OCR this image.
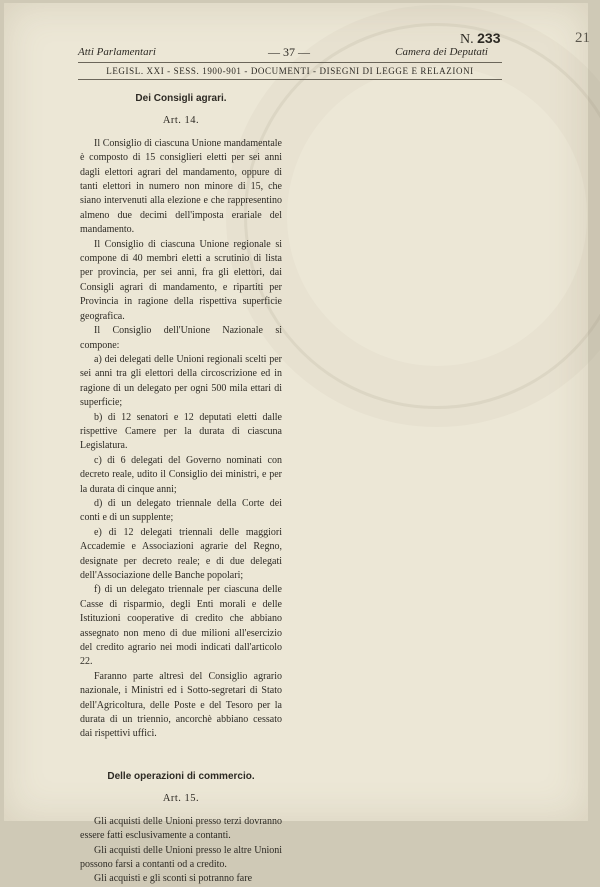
21
N. 233
Atti Parlamentari	— 37 —	Camera dei Deputati
LEGISL. XXI - SESS. 1900-901 - DOCUMENTI - DISEGNI DI LEGGE E RELAZIONI
Dei Consigli agrari.
Art. 14.

Il Consiglio di ciascuna Unione mandamentale è composto di 15 consiglieri eletti per sei anni dagli elettori agrari del mandamento, oppure di tanti elettori in numero non minore di 15, che siano intervenuti alla elezione e che rappresentino almeno due decimi dell'imposta erariale del mandamento.

Il Consiglio di ciascuna Unione regionale si compone di 40 membri eletti a scrutinio di lista per provincia, per sei anni, fra gli elettori, dai Consigli agrari di mandamento, e ripartiti per Provincia in ragione della rispettiva superficie geografica.

Il Consiglio dell'Unione Nazionale si compone:

a) dei delegati delle Unioni regionali scelti per sei anni tra gli elettori della circoscrizione ed in ragione di un delegato per ogni 500 mila ettari di superficie;

b) di 12 senatori e 12 deputati eletti dalle rispettive Camere per la durata di ciascuna Legislatura.

c) di 6 delegati del Governo nominati con decreto reale, udito il Consiglio dei ministri, e per la durata di cinque anni;

d) di un delegato triennale della Corte dei conti e di un supplente;

e) di 12 delegati triennali delle maggiori Accademie e Associazioni agrarie del Regno, designate per decreto reale; e di due delegati dell'Associazione delle Banche popolari;

f) di un delegato triennale per ciascuna delle Casse di risparmio, degli Enti morali e delle Istituzioni cooperative di credito che abbiano assegnato non meno di due milioni all'esercizio del credito agrario nei modi indicati dall'articolo 22.

Faranno parte altresì del Consiglio agrario nazionale, i Ministri ed i Sotto-segretari di Stato dell'Agricoltura, delle Poste e del Tesoro per la durata di un triennio, ancorchè abbiano cessato dai rispettivi uffici.

Delle operazioni di commercio.
Art. 15.

Gli acquisti delle Unioni presso terzi dovranno essere fatti esclusivamente a contanti.

Gli acquisti delle Unioni presso le altre Unioni possono farsi a contanti od a credito.

Gli acquisti e gli sconti si potranno fare
